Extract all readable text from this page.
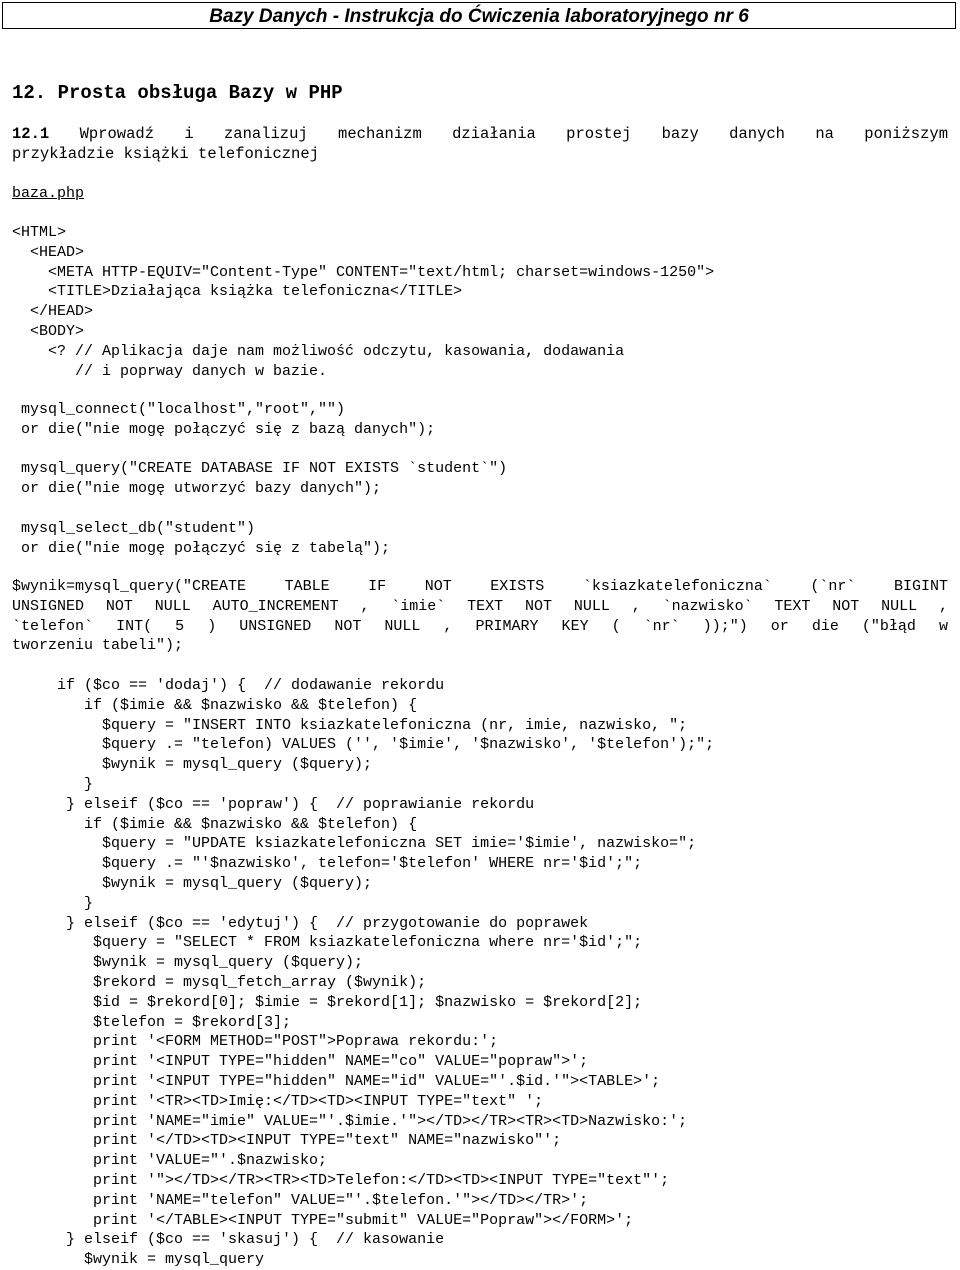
Bazy Danych - Instrukcja do Ćwiczenia laboratoryjnego nr 6
12. Prosta obsługa Bazy w PHP
12.1 Wprowadź i zanalizuj mechanizm działania prostej bazy danych na poniższym
przykładzie książki telefonicznej
baza.php
<HTML>
<HEAD>
<META HTTP-EQUIV="Content-Type" CONTENT="text/html; charset=windows-1250">
<TITLE>Działająca książka telefoniczna</TITLE>
</HEAD>
<BODY>
<? // Aplikacja daje nam możliwość odczytu, kasowania, dodawania
// i poprway danych w bazie.
mysql_connect("localhost","root","")
or die("nie mogę połączyć się z bazą danych");
mysql_query("CREATE DATABASE IF NOT EXISTS `student`")
or die("nie mogę utworzyć bazy danych");
mysql_select_db("student")
or die("nie mogę połączyć się z tabelą");
$wynik=mysql_query("CREATE TABLE IF NOT EXISTS `ksiazkatelefoniczna` (`nr` BIGINT
UNSIGNED NOT NULL AUTO_INCREMENT , `imie` TEXT NOT NULL , `nazwisko` TEXT NOT NULL ,
`telefon` INT( 5 ) UNSIGNED NOT NULL , PRIMARY KEY ( `nr` ));") or die ("błąd w
tworzeniu tabeli");
if ($co == 'dodaj') {  // dodawanie rekordu
if ($imie && $nazwisko && $telefon) {
$query = "INSERT INTO ksiazkatelefoniczna (nr, imie, nazwisko, ";
$query .= "telefon) VALUES ('', '$imie', '$nazwisko', '$telefon');";
$wynik = mysql_query ($query);
}
} elseif ($co == 'popraw') {  // poprawianie rekordu
if ($imie && $nazwisko && $telefon) {
$query = "UPDATE ksiazkatelefoniczna SET imie='$imie', nazwisko=";
$query .= "'$nazwisko', telefon='$telefon' WHERE nr='$id';";
$wynik = mysql_query ($query);
}
} elseif ($co == 'edytuj') {  // przygotowanie do poprawek
$query = "SELECT * FROM ksiazkatelefoniczna where nr='$id';";
$wynik = mysql_query ($query);
$rekord = mysql_fetch_array ($wynik);
$id = $rekord[0]; $imie = $rekord[1]; $nazwisko = $rekord[2];
$telefon = $rekord[3];
print '<FORM METHOD="POST">Poprawa rekordu:';
print '<INPUT TYPE="hidden" NAME="co" VALUE="popraw">';
print '<INPUT TYPE="hidden" NAME="id" VALUE="'.$id.'"><TABLE>';
print '<TR><TD>Imię:</TD><TD><INPUT TYPE="text" ';
print 'NAME="imie" VALUE="'.$imie.'"></TD></TR><TR><TD>Nazwisko:';
print '</TD><TD><INPUT TYPE="text" NAME="nazwisko"';
print 'VALUE="'.$nazwisko;
print '"></TD></TR><TR><TD>Telefon:</TD><TD><INPUT TYPE="text"';
print 'NAME="telefon" VALUE="'.$telefon.'"></TD></TR>';
print '</TABLE><INPUT TYPE="submit" VALUE="Popraw"></FORM>';
} elseif ($co == 'skasuj') {  // kasowanie
$wynik = mysql_query
